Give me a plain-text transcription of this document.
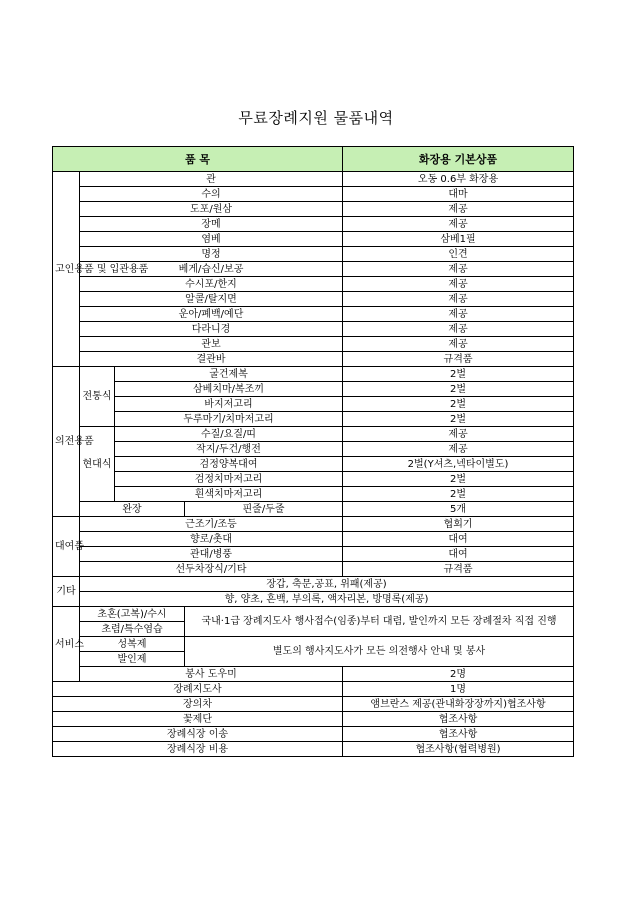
무료장례지원 물품내역
품 목				화장용 기본상품
고인용품 및 입관용품	관			오동 0.6부 화장용
	수의			대마
	도포/원삼			제공
	장메			제공
	염베			삼베1필
	명정			인견
	베게/습신/보공			제공
	수시포/한지			제공
	알콜/탈지면			제공
	운아/폐백/예단			제공
	다라니경			제공
	관보			제공
	결관바			규격품
의전용품	전통식	굴건제복		2벌
		삼베치마/복조끼		2벌
		바지저고리		2벌
		두루마기/치마저고리		2벌
	현대식	수질/요질/띠		제공
		작지/두건/행전		제공
		검정양복대여		2벌(Y셔츠,넥타이별도)
		검정치마저고리		2벌
		흰색치마저고리		2벌
	완장		핀줄/두줄	5개
대여품	근조기/조등			협회기
	향로/촛대			대여
	관대/병풍			대여
	선두차장식/기타			규격품
기타	장갑, 축문,공표, 위패(제공)			
	향, 양초, 흔백, 부의록, 액자리본, 방명록(제공)			
서비스	초혼(고복)/수시		국내·1급 장례지도사 행사접수(임종)부터 대렴, 발인까지 모든 장례절차 직접 진행	
	초렴/특수염습			
	성복제		별도의 행사지도사가 모든 의전행사 안내 및 봉사	
	발인제			
	봉사 도우미			2명
장례지도사				1명
장의차				앰브란스 제공(관내화장장까지)협조사항
꽃제단				협조사항
장례식장 이송				협조사항
장례식장 비용				협조사항(협력병원)
